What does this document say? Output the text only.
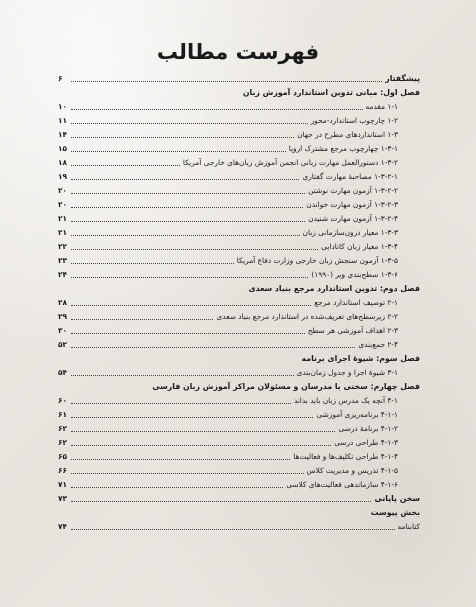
فهرست مطالب
پیشگفتار
۶
فصل اول: مبانی تدوین استاندارد آموزش زبان
۱-۱ مقدمه
۱۰
۱-۲ چارچوب استاندارد-محور
۱۱
۱-۳ استانداردهای مطرح در جهان
۱۴
۱-۳-۱ چهارچوب مرجع مشترک اروپا
۱۵
۱-۳-۲ دستورالعمل مهارت زبانی انجمن آموزش زبان‌های خارجی آمریکا
۱۸
۱-۳-۲-۱ مصاحبهٔ مهارت گفتاری
۱۹
۱-۳-۲-۲ آزمون مهارت نوشتن
۲۰
۱-۳-۲-۳ آزمون مهارت خواندن
۲۰
۱-۳-۲-۴ آزمون مهارت شنیدن
۲۱
۱-۳-۳ معیار درون‌سازمانی زبان
۲۱
۱-۳-۴ معیار زبان کانادایی
۲۲
۱-۳-۵ آزمون سنجش زبان خارجی وزارت دفاع آمریکا
۲۳
۱-۳-۶ سطح‌بندی ویر (۱۹۹۰)
۲۴
فصل دوم: تدوین استاندارد مرجع بنیاد سعدی
۲-۱ توصیف استاندارد مرجع
۲۸
۲-۲ زیرسطح‌های تعریف‌شده در استاندارد مرجع بنیاد سعدی
۲۹
۲-۳ اهداف آموزشی هر سطح
۳۰
۲-۴ جمع‌بندی
۵۲
فصل سوم: شیوهٔ اجرای برنامه
۳-۱ شیوهٔ اجرا و جدول زمان‌بندی
۵۴
فصل چهارم: سخنی با مدرسان و مسئولان مراکز آموزش زبان فارسی
۴-۱ آنچه یک مدرس زبان باید بداند
۶۰
۴-۱-۱ برنامه‌ریزی آموزشی
۶۱
۴-۱-۲ برنامهٔ درسی
۶۲
۴-۱-۳ طراحی درسی
۶۲
۴-۱-۴ طراحی تکلیف‌ها و فعالیت‌ها
۶۵
۴-۱-۵ تدریس و مدیریت کلاس
۶۶
۴-۱-۶ سازماندهی فعالیت‌های کلاسی
۷۱
سخن پایانی
۷۳
بخش پیوست
کتابنامه
۷۴
